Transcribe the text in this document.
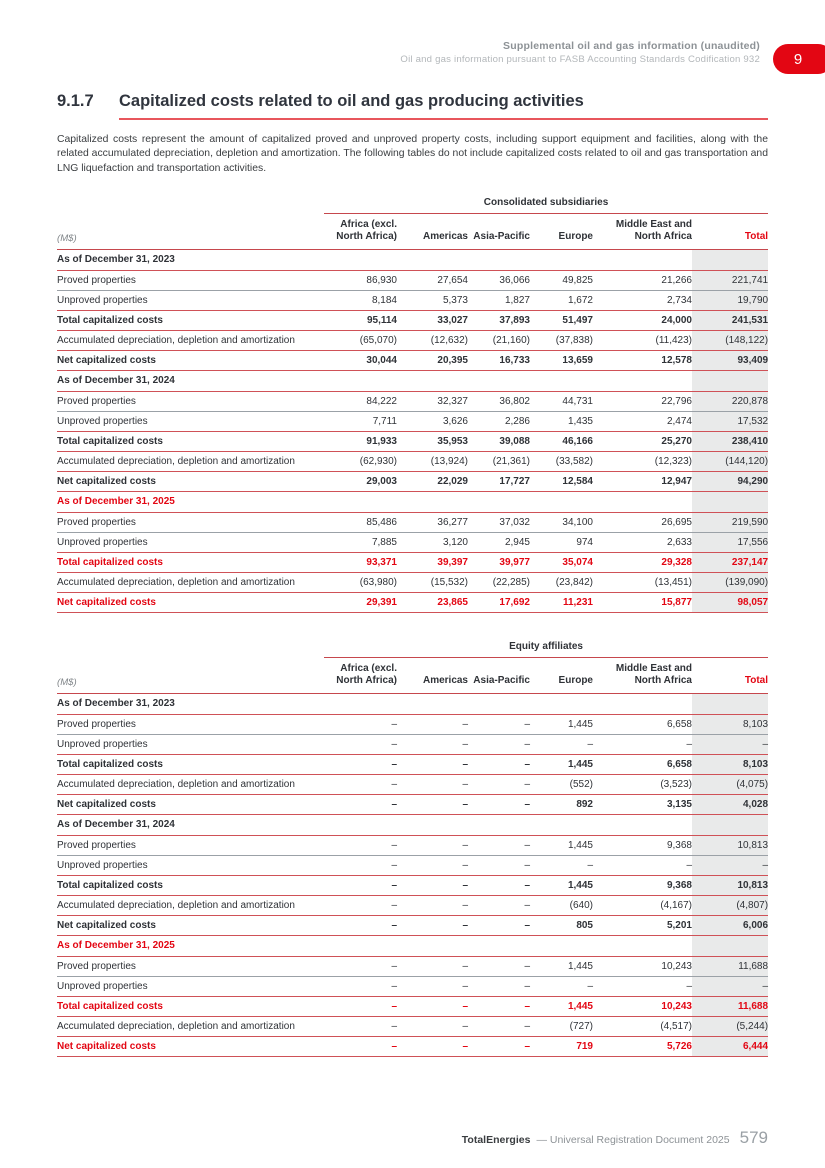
Supplemental oil and gas information (unaudited)
Oil and gas information pursuant to FASB Accounting Standards Codification 932	9
9.1.7	Capitalized costs related to oil and gas producing activities

Capitalized costs represent the amount of capitalized proved and unproved property costs, including support equipment and facilities, along with the related accumulated depreciation, depletion and amortization. The following tables do not include capitalized costs related to oil and gas transportation and LNG liquefaction and transportation activities.

	Consolidated subsidiaries					
(M$)	Africa (excl. North Africa)	Americas	Asia-Pacific	Europe	Middle East and North Africa	Total
As of December 31, 2023						
Proved properties	86,930	27,654	36,066	49,825	21,266	221,741
Unproved properties	8,184	5,373	1,827	1,672	2,734	19,790
Total capitalized costs	95,114	33,027	37,893	51,497	24,000	241,531
Accumulated depreciation, depletion and amortization	(65,070)	(12,632)	(21,160)	(37,838)	(11,423)	(148,122)
Net capitalized costs	30,044	20,395	16,733	13,659	12,578	93,409
As of December 31, 2024						
Proved properties	84,222	32,327	36,802	44,731	22,796	220,878
Unproved properties	7,711	3,626	2,286	1,435	2,474	17,532
Total capitalized costs	91,933	35,953	39,088	46,166	25,270	238,410
Accumulated depreciation, depletion and amortization	(62,930)	(13,924)	(21,361)	(33,582)	(12,323)	(144,120)
Net capitalized costs	29,003	22,029	17,727	12,584	12,947	94,290
As of December 31, 2025						
Proved properties	85,486	36,277	37,032	34,100	26,695	219,590
Unproved properties	7,885	3,120	2,945	974	2,633	17,556
Total capitalized costs	93,371	39,397	39,977	35,074	29,328	237,147
Accumulated depreciation, depletion and amortization	(63,980)	(15,532)	(22,285)	(23,842)	(13,451)	(139,090)
Net capitalized costs	29,391	23,865	17,692	11,231	15,877	98,057
	Equity affiliates					
(M$)	Africa (excl. North Africa)	Americas	Asia-Pacific	Europe	Middle East and North Africa	Total
As of December 31, 2023						
Proved properties	–	–	–	1,445	6,658	8,103
Unproved properties	–	–	–	–	–	–
Total capitalized costs	–	–	–	1,445	6,658	8,103
Accumulated depreciation, depletion and amortization	–	–	–	(552)	(3,523)	(4,075)
Net capitalized costs	–	–	–	892	3,135	4,028
As of December 31, 2024						
Proved properties	–	–	–	1,445	9,368	10,813
Unproved properties	–	–	–	–	–	–
Total capitalized costs	–	–	–	1,445	9,368	10,813
Accumulated depreciation, depletion and amortization	–	–	–	(640)	(4,167)	(4,807)
Net capitalized costs	–	–	–	805	5,201	6,006
As of December 31, 2025						
Proved properties	–	–	–	1,445	10,243	11,688
Unproved properties	–	–	–	–	–	–
Total capitalized costs	–	–	–	1,445	10,243	11,688
Accumulated depreciation, depletion and amortization	–	–	–	(727)	(4,517)	(5,244)
Net capitalized costs	–	–	–	719	5,726	6,444
TotalEnergies — Universal Registration Document 2025 579
